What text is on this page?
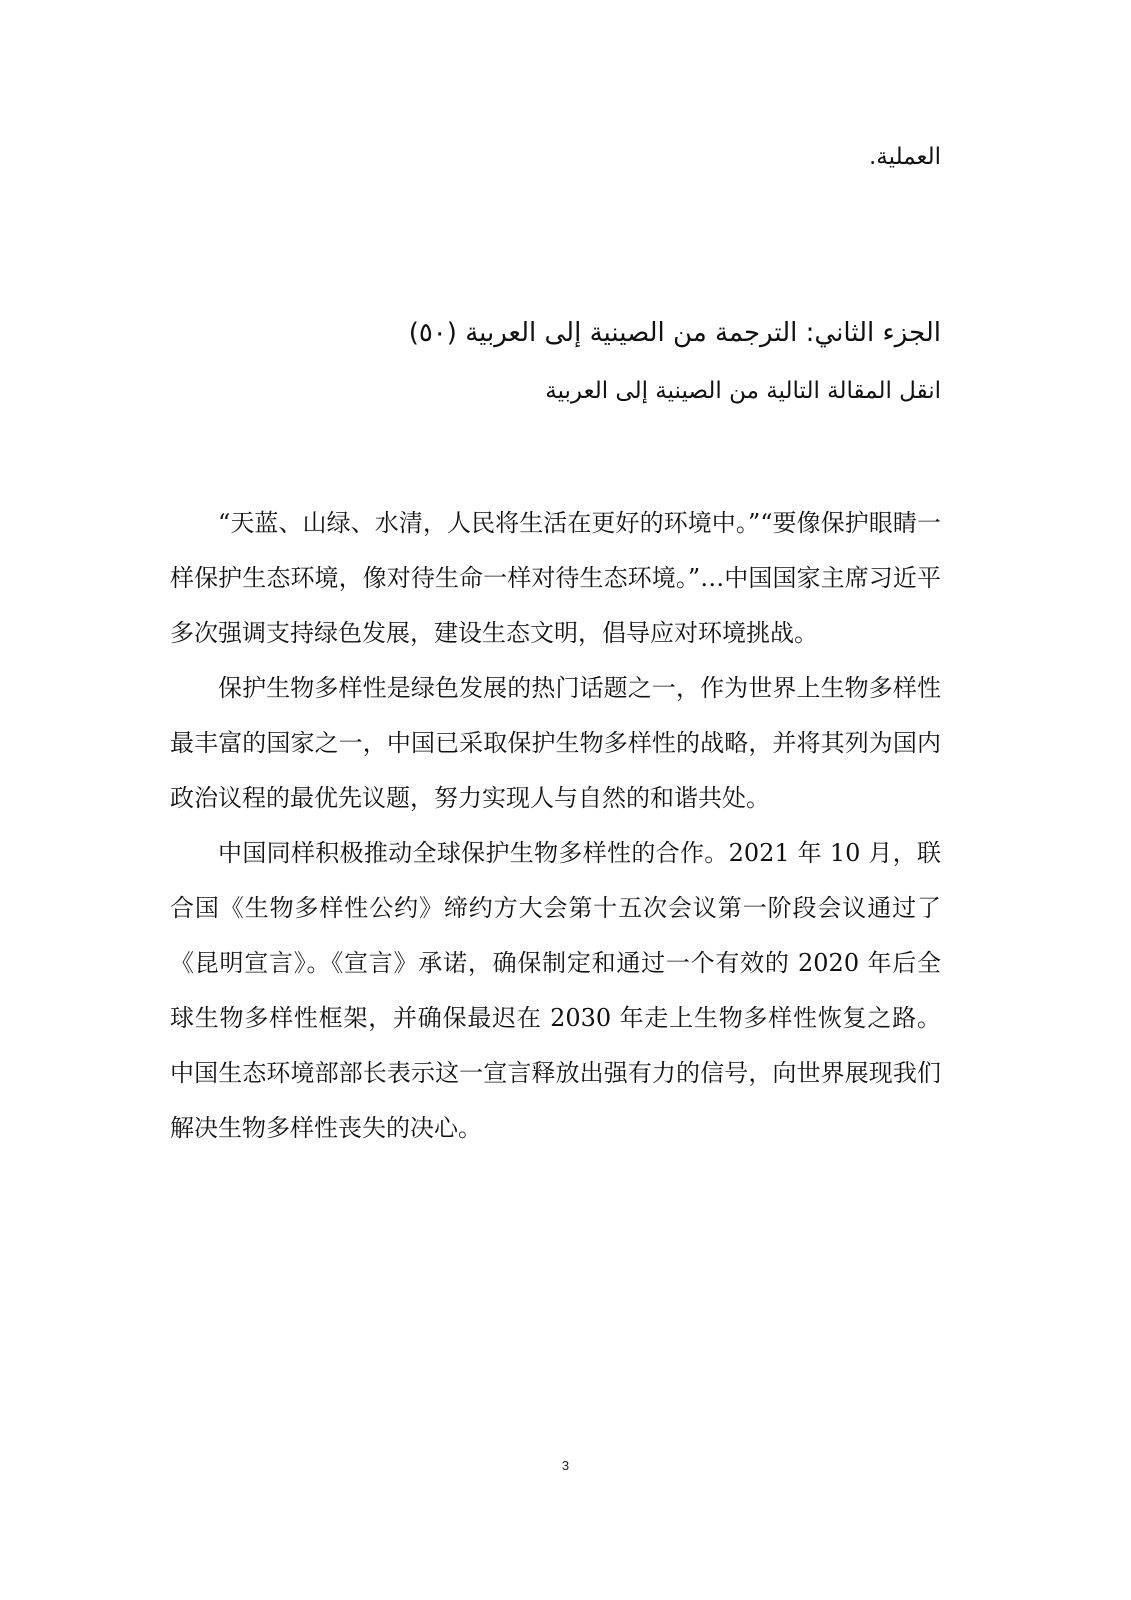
العملية.
الجزء الثاني: الترجمة من الصينية إلى العربية (٥٠)
انقل المقالة التالية من الصينية إلى العربية

“天蓝、山绿、水清，人民将生活在更好的环境中。”“要像保护眼睛一样保护生态环境，像对待生命一样对待生态环境。”…中国国家主席习近平多次强调支持绿色发展，建设生态文明，倡导应对环境挑战。

保护生物多样性是绿色发展的热门话题之一，作为世界上生物多样性最丰富的国家之一，中国已采取保护生物多样性的战略，并将其列为国内政治议程的最优先议题，努力实现人与自然的和谐共处。

中国同样积极推动全球保护生物多样性的合作。2021 年 10 月，联合国《生物多样性公约》缔约方大会第十五次会议第一阶段会议通过了《昆明宣言》。《宣言》承诺，确保制定和通过一个有效的 2020 年后全球生物多样性框架，并确保最迟在 2030 年走上生物多样性恢复之路。中国生态环境部部长表示这一宣言释放出强有力的信号，向世界展现我们解决生物多样性丧失的决心。

3
